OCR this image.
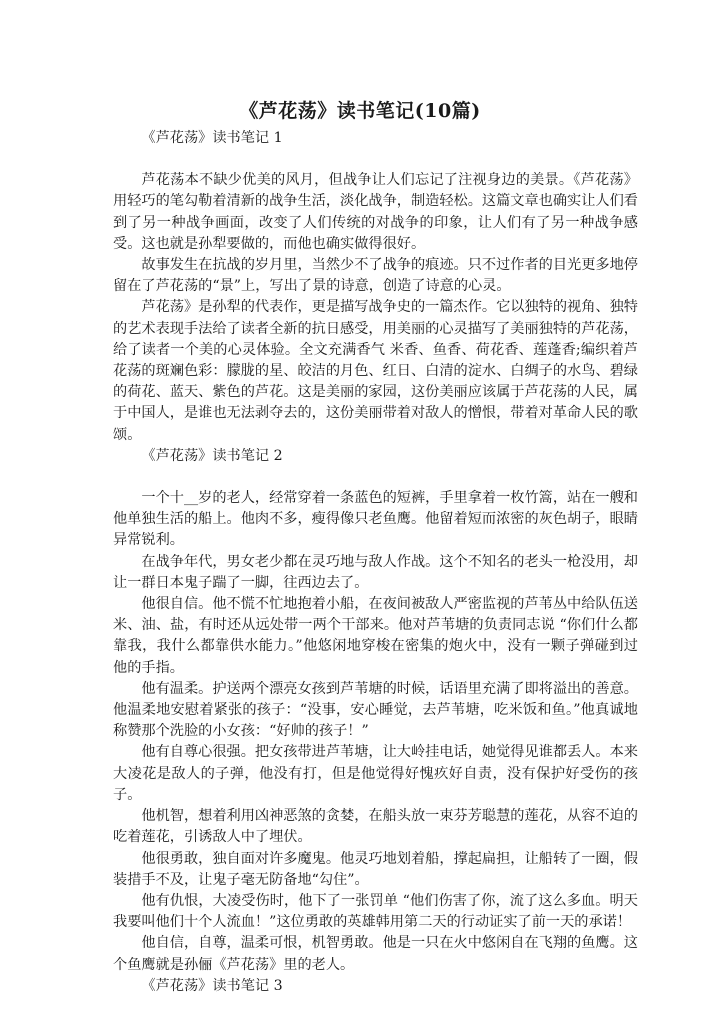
《芦花荡》读书笔记(10篇)
《芦花荡》读书笔记 1

芦花荡本不缺少优美的风月，但战争让人们忘记了注视身边的美景。《芦花荡》用轻巧的笔勾勒着清新的战争生活，淡化战争，制造轻松。这篇文章也确实让人们看到了另一种战争画面，改变了人们传统的对战争的印象，让人们有了另一种战争感受。这也就是孙犁要做的，而他也确实做得很好。

故事发生在抗战的岁月里，当然少不了战争的痕迹。只不过作者的目光更多地停留在了芦花荡的“景”上，写出了景的诗意，创造了诗意的心灵。

芦花荡》是孙犁的代表作，更是描写战争史的一篇杰作。它以独特的视角、独特的艺术表现手法给了读者全新的抗日感受，用美丽的心灵描写了美丽独特的芦花荡，给了读者一个美的心灵体验。全文充满香气 米香、鱼香、荷花香、莲蓬香;编织着芦花荡的斑斓色彩：朦胧的星、皎洁的月色、红日、白清的淀水、白绸子的水鸟、碧绿的荷花、蓝天、紫色的芦花。这是美丽的家园，这份美丽应该属于芦花荡的人民，属于中国人，是谁也无法剥夺去的，这份美丽带着对敌人的憎恨，带着对革命人民的歌颂。

《芦花荡》读书笔记 2

一个十__岁的老人，经常穿着一条蓝色的短裤，手里拿着一枚竹篙，站在一艘和他单独生活的船上。他肉不多，瘦得像只老鱼鹰。他留着短而浓密的灰色胡子，眼睛异常锐利。

在战争年代，男女老少都在灵巧地与敌人作战。这个不知名的老头一枪没用，却让一群日本鬼子踹了一脚，往西边去了。

他很自信。他不慌不忙地抱着小船，在夜间被敌人严密监视的芦苇丛中给队伍送米、油、盐，有时还从远处带一两个干部来。他对芦苇塘的负责同志说 “你们什么都靠我，我什么都靠供水能力。”他悠闲地穿梭在密集的炮火中，没有一颗子弹碰到过他的手指。

他有温柔。护送两个漂亮女孩到芦苇塘的时候，话语里充满了即将溢出的善意。他温柔地安慰着紧张的孩子：“没事，安心睡觉，去芦苇塘，吃米饭和鱼。”他真诚地称赞那个洗脸的小女孩：“好帅的孩子！”

他有自尊心很强。把女孩带进芦苇塘，让大岭挂电话，她觉得见谁都丢人。本来大凌花是敌人的子弹，他没有打，但是他觉得好愧疚好自责，没有保护好受伤的孩子。

他机智，想着利用凶神恶煞的贪婪，在船头放一束芬芳聪慧的莲花，从容不迫的吃着莲花，引诱敌人中了埋伏。

他很勇敢，独自面对许多魔鬼。他灵巧地划着船，撑起扁担，让船转了一圈，假装措手不及，让鬼子毫无防备地“勾住”。

他有仇恨，大凌受伤时，他下了一张罚单 “他们伤害了你，流了这么多血。明天我要叫他们十个人流血！”这位勇敢的英雄韩用第二天的行动证实了前一天的承诺！

他自信，自尊，温柔可恨，机智勇敢。他是一只在火中悠闲自在飞翔的鱼鹰。这个鱼鹰就是孙俪《芦花荡》里的老人。

《芦花荡》读书笔记 3
